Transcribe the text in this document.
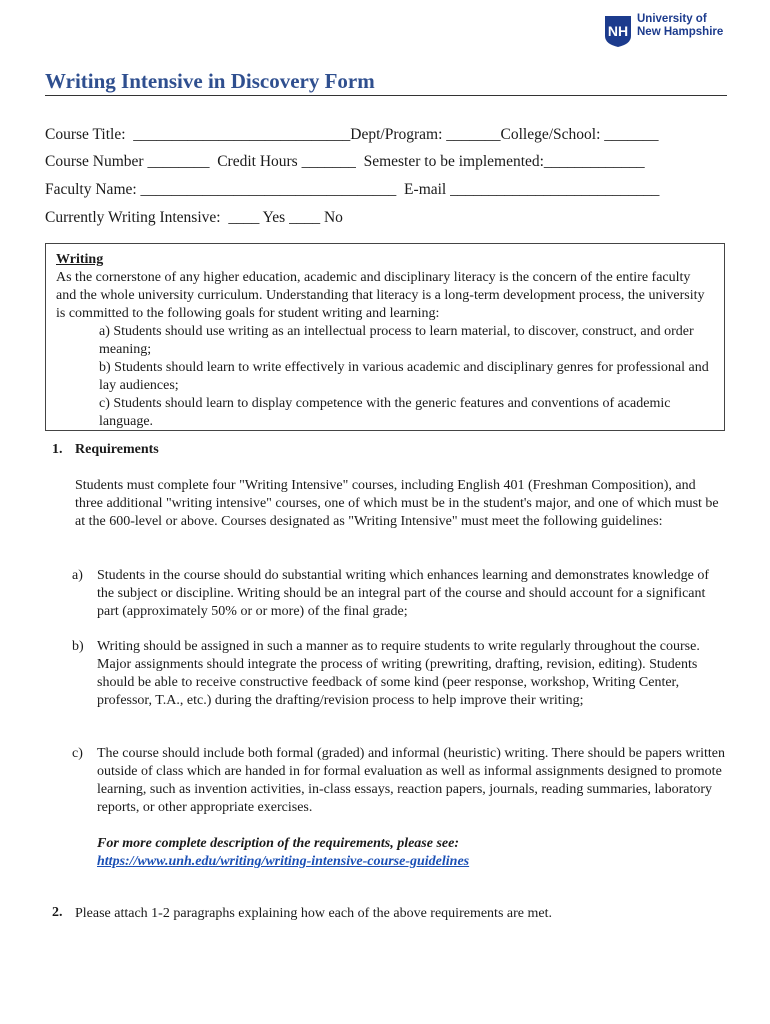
NH
University of
New Hampshire
Writing Intensive in Discovery Form
Course Title:  ____________________________Dept/Program: _______College/School: _______
Course Number ________  Credit Hours _______  Semester to be implemented:_____________
Faculty Name: _________________________________  E-mail ___________________________
Currently Writing Intensive:  ____ Yes ____ No
Writing
As the cornerstone of any higher education, academic and disciplinary literacy is the concern of the entire faculty and the whole university curriculum. Understanding that literacy is a long-term development process, the university is committed to the following goals for student writing and learning:
a) Students should use writing as an intellectual process to learn material, to discover, construct, and order meaning;
b) Students should learn to write effectively in various academic and disciplinary genres for professional and lay audiences;
c) Students should learn to display competence with the generic features and conventions of academic language.
1. Requirements
Students must complete four "Writing Intensive" courses, including English 401 (Freshman Composition), and three additional "writing intensive" courses, one of which must be in the student's major, and one of which must be at the 600-level or above. Courses designated as "Writing Intensive" must meet the following guidelines:
a) Students in the course should do substantial writing which enhances learning and demonstrates knowledge of the subject or discipline. Writing should be an integral part of the course and should account for a significant part (approximately 50% or or more) of the final grade;
b) Writing should be assigned in such a manner as to require students to write regularly throughout the course. Major assignments should integrate the process of writing (prewriting, drafting, revision, editing). Students should be able to receive constructive feedback of some kind (peer response, workshop, Writing Center, professor, T.A., etc.) during the drafting/revision process to help improve their writing;
c) The course should include both formal (graded) and informal (heuristic) writing. There should be papers written outside of class which are handed in for formal evaluation as well as informal assignments designed to promote learning, such as invention activities, in-class essays, reaction papers, journals, reading summaries, laboratory reports, or other appropriate exercises.
For more complete description of the requirements, please see:
https://www.unh.edu/writing/writing-intensive-course-guidelines
2. Please attach 1-2 paragraphs explaining how each of the above requirements are met.
